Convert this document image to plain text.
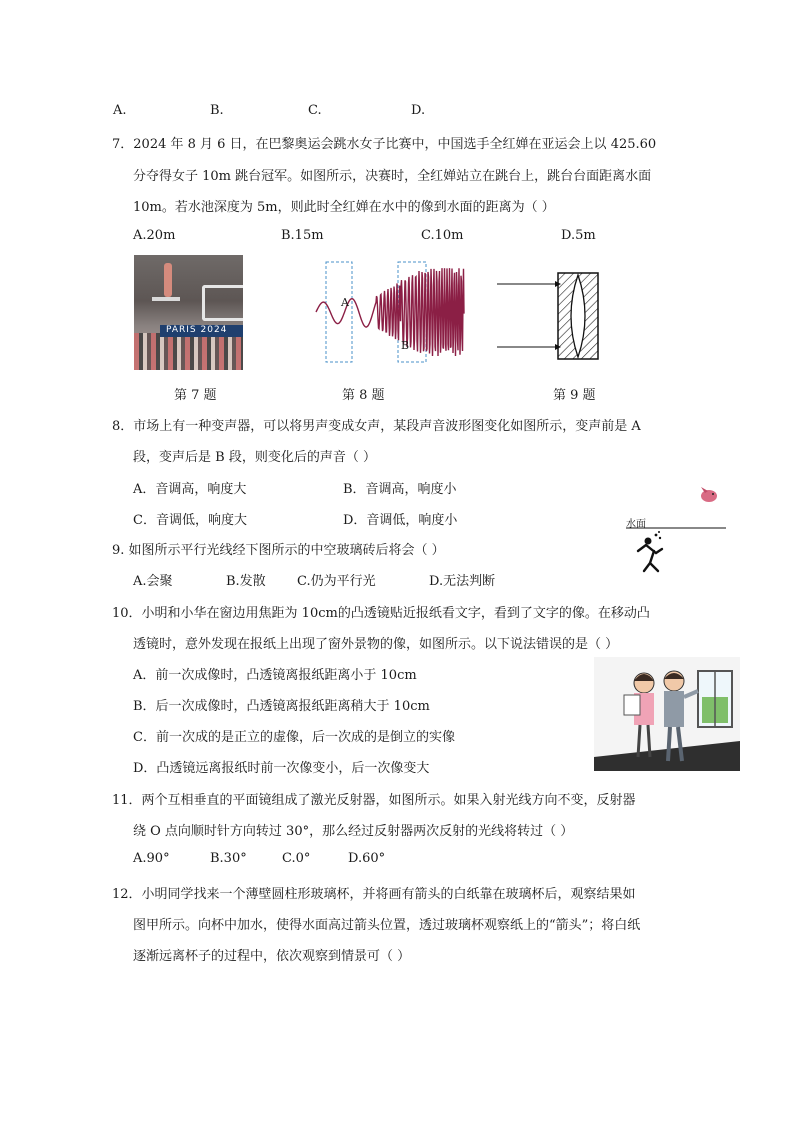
A.	B.	C.	D.
7．2024 年 8 月 6 日，在巴黎奥运会跳水女子比赛中，中国选手全红婵在亚运会上以 425.60
分夺得女子 10m 跳台冠军。如图所示，决赛时，全红婵站立在跳台上，跳台台面距离水面
10m。若水池深度为 5m，则此时全红婵在水中的像到水面的距离为（ ）
A.20m	B.15m	C.10m	D.5m
PARIS 2024
A
B
第 7 题	第 8 题	第 9 题
8．市场上有一种变声器，可以将男声变成女声，某段声音波形图变化如图所示，变声前是 A
段，变声后是 B 段，则变化后的声音（ ）
A．音调高，响度大	B．音调高，响度小
C．音调低，响度大	D．音调低，响度小	水面
9. 如图所示平行光线经下图所示的中空玻璃砖后将会（ ）
A.会聚	B.发散 C.仍为平行光	D.无法判断
10．小明和小华在窗边用焦距为 10cm的凸透镜贴近报纸看文字，看到了文字的像。在移动凸
透镜时，意外发现在报纸上出现了窗外景物的像，如图所示。以下说法错误的是（ ）
A．前一次成像时，凸透镜离报纸距离小于 10cm
B．后一次成像时，凸透镜离报纸距离稍大于 10cm
C．前一次成的是正立的虚像，后一次成的是倒立的实像
D．凸透镜远离报纸时前一次像变小，后一次像变大
11．两个互相垂直的平面镜组成了激光反射器，如图所示。如果入射光线方向不变，反射器
绕 O 点向顺时针方向转过 30°，那么经过反射器两次反射的光线将转过（ ）
A.90°	B.30°	C.0°	D.60°
12．小明同学找来一个薄壁圆柱形玻璃杯，并将画有箭头的白纸靠在玻璃杯后，观察结果如
图甲所示。向杯中加水，使得水面高过箭头位置，透过玻璃杯观察纸上的“箭头”；将白纸
逐渐远离杯子的过程中，依次观察到情景可（ ）
